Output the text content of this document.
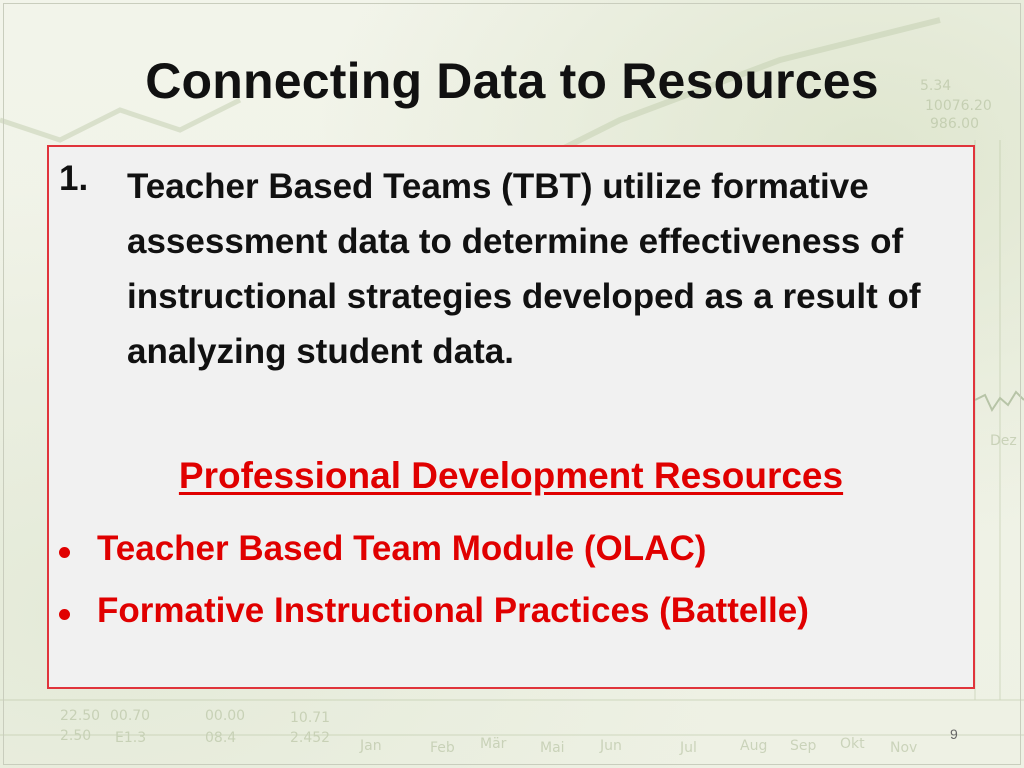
Jan	Feb Mär Mai	Jun	Jul	Aug Sep Okt Nov
Dez
22.50 00.70
2.50 E1.3
00.00
08.4
10.71
2.452
5.34
10076.20
986.00
Connecting Data to Resources
1. Teacher Based Teams (TBT) utilize formative assessment data to determine effectiveness of instructional strategies developed as a result of analyzing student data.
Professional Development Resources
Teacher Based Team Module (OLAC)
Formative Instructional Practices (Battelle)
9
